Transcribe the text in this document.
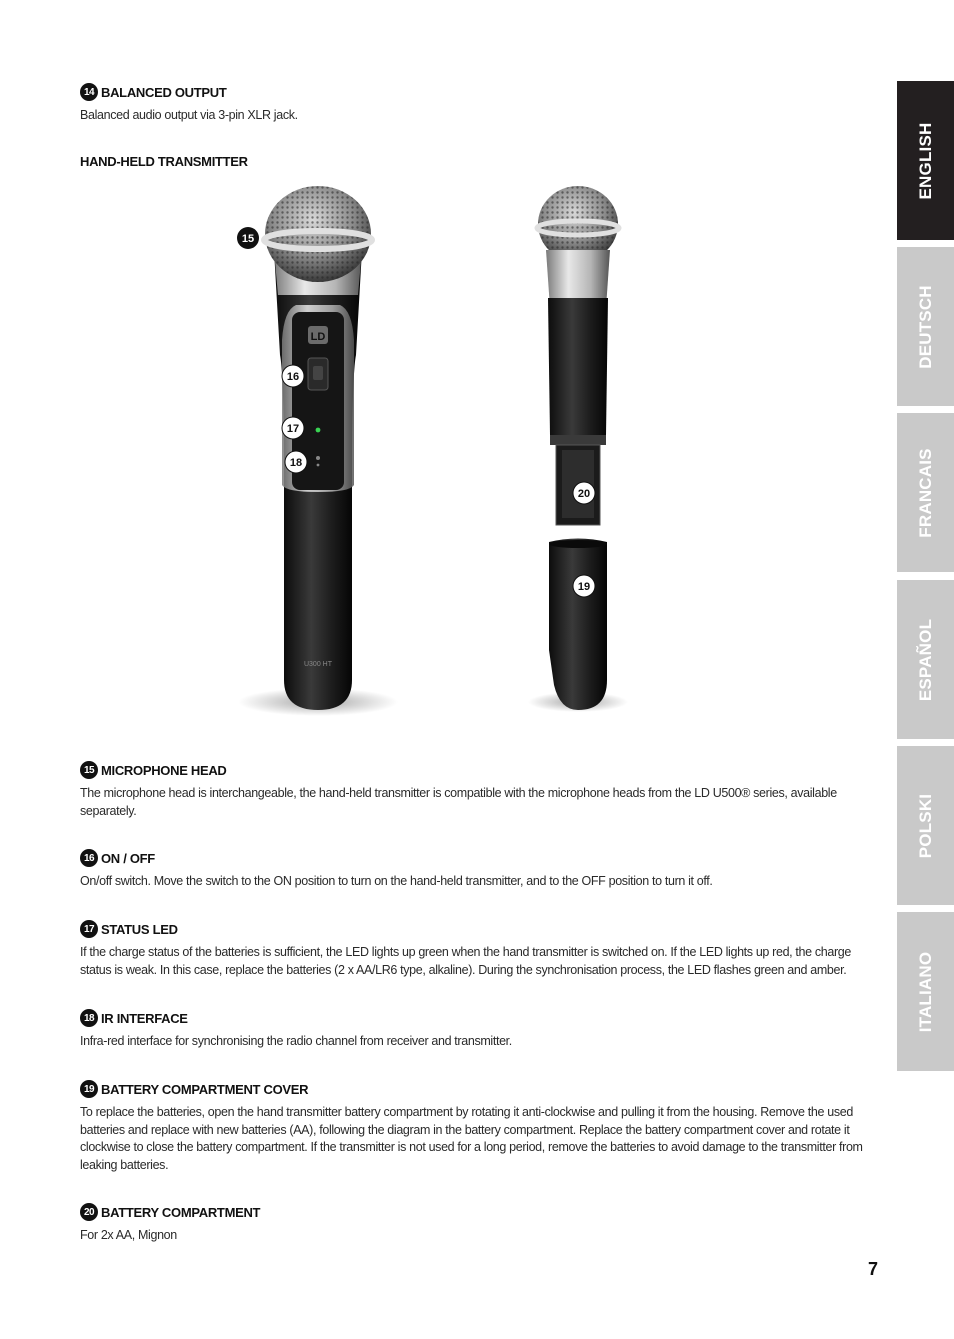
14 BALANCED OUTPUT

Balanced audio output via 3-pin XLR jack.

HAND-HELD TRANSMITTER
LD
U300 HT
15
16
17
18
19
20
15 MICROPHONE HEAD

The microphone head is interchangeable, the hand-held transmitter is compatible with the microphone heads from the LD U500® series, available separately.

16 ON / OFF

On/off switch. Move the switch to the ON position to turn on the hand-held transmitter, and to the OFF position to turn it off.

17 STATUS LED

If the charge status of the batteries is sufficient, the LED lights up green when the hand transmitter is switched on. If the LED lights up red, the charge status is weak. In this case, replace the batteries (2 x AA/LR6 type, alkaline). During the synchronisation process, the LED flashes green and amber.

18 IR INTERFACE

Infra-red interface for synchronising the radio channel from receiver and transmitter.

19 BATTERY COMPARTMENT COVER

To replace the batteries, open the hand transmitter battery compartment by rotating it anti-clockwise and pulling it from the housing. Remove the used batteries and replace with new batteries (AA), following the diagram in the battery compartment. Replace the battery compartment cover and rotate it clockwise to close the battery compartment. If the transmitter is not used for a long period, remove the batteries to avoid damage to the transmitter from leaking batteries.

20 BATTERY COMPARTMENT

For 2x AA, Mignon

ENGLISH
DEUTSCH
FRANCAIS
ESPAÑOL
POLSKI
ITALIANO
7
